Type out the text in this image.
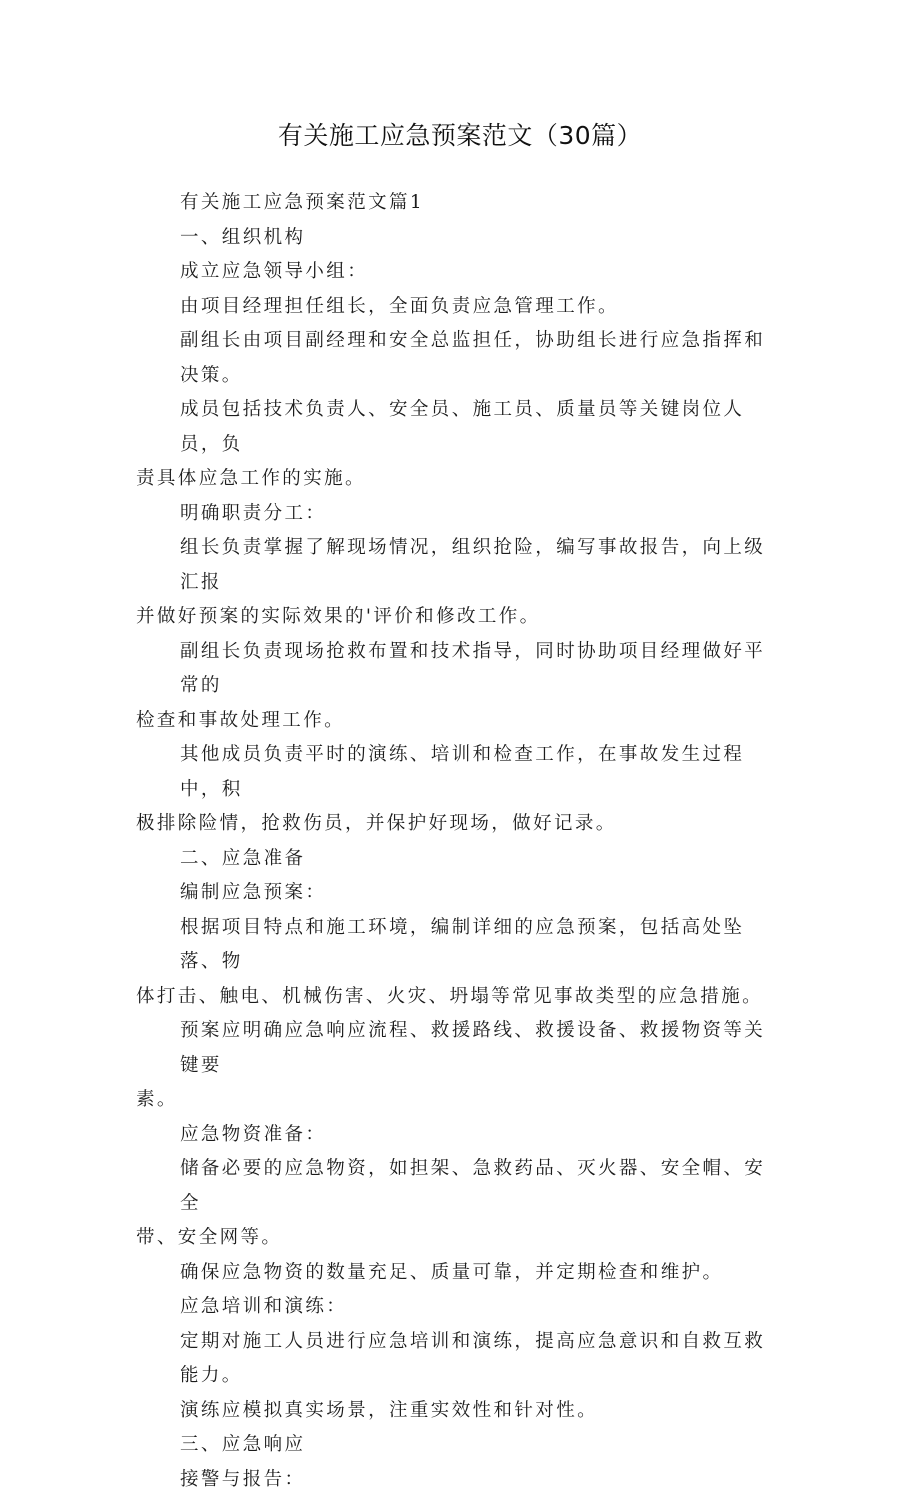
有关施工应急预案范文（30篇）
有关施工应急预案范文篇1
一、组织机构
成立应急领导小组：
由项目经理担任组长，全面负责应急管理工作。
副组长由项目副经理和安全总监担任，协助组长进行应急指挥和决策。
成员包括技术负责人、安全员、施工员、质量员等关键岗位人员，负
责具体应急工作的实施。
明确职责分工：
组长负责掌握了解现场情况，组织抢险，编写事故报告，向上级汇报
并做好预案的实际效果的'评价和修改工作。
副组长负责现场抢救布置和技术指导，同时协助项目经理做好平常的
检查和事故处理工作。
其他成员负责平时的演练、培训和检查工作，在事故发生过程中，积
极排除险情，抢救伤员，并保护好现场，做好记录。
二、应急准备
编制应急预案：
根据项目特点和施工环境，编制详细的应急预案，包括高处坠落、物
体打击、触电、机械伤害、火灾、坍塌等常见事故类型的应急措施。
预案应明确应急响应流程、救援路线、救援设备、救援物资等关键要
素。
应急物资准备：
储备必要的应急物资，如担架、急救药品、灭火器、安全帽、安全
带、安全网等。
确保应急物资的数量充足、质量可靠，并定期检查和维护。
应急培训和演练：
定期对施工人员进行应急培训和演练，提高应急意识和自救互救能力。
演练应模拟真实场景，注重实效性和针对性。
三、应急响应
接警与报告：
